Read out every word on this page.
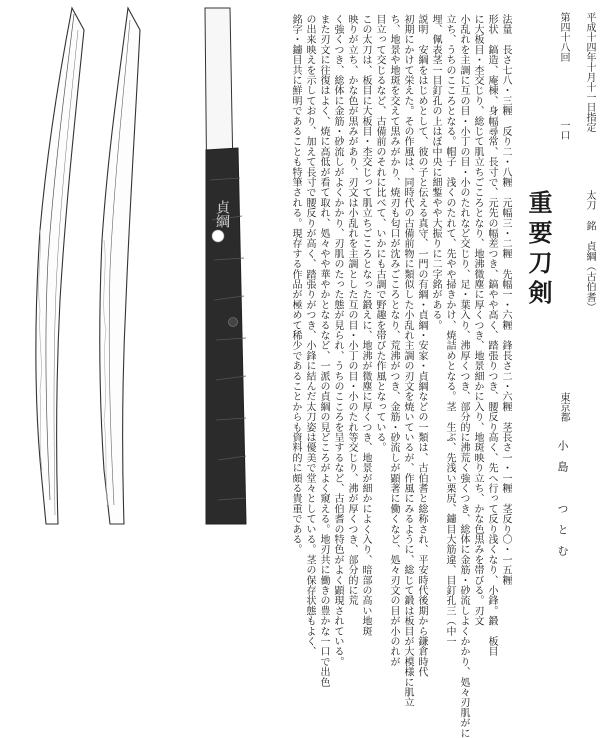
貞綱
平成十四年十月十一日指定
太刀　銘　貞綱（古伯耆）
第四十八回
一口
重要刀剣
東京都
小島　つとむ
法量　長さ七八・三糎　反り二・八糎　元幅三・二糎　先幅一・六糎　鋒長さ二・六糎　茎長さ一・一糎　茎反り〇・一五糎
形状　鎬造、庵棟、身幅尋常、長寸で、元先の幅差つき、鎬やや高く、踏張りつき、腰反り高く、先へ行って反り浅くなり、小鋒。鍛　板目
に大板目・杢交じり、総じて肌立ちごころとなり、地沸微塵に厚くつき、地景細かに入り、地斑映り立ち、かな色黒みを帯びる。刃文
小乱れを主調に互の目・小丁の目・小のたれなど交じり、足・葉入り、沸厚くつき、部分的に沸荒く強くつき、総体に金筋・砂流しよくかかり、処々刃肌がに
立ち、うちのこころとなる。帽子　浅くのたれて、先やや掃きかけ、焼詰めとなる。茎　生ぶ、先浅い栗尻、鑢目大筋違、目釘孔三（中一
埋、佩表茎一目釘孔の上はぼ中央に細鏨やや大振りに二字銘がある。
説明　安綱をはじめとして、彼の子と伝える真守、一門の有綱・貞綱・安家・貞綱などの一類は、古伯耆と総称され、平安時代後期から鎌倉時代
初期にかけて栄えた。その作風は、同時代の古備前物に類似した小乱れ主調の刃文を焼いているが、作風にみるように、総じて鍛は板目が大模様に肌立
ち、地景や地斑を交えて黒みがかり、焼刃も匂口が沈みごころとなり、荒沸がつき、金筋・砂流しが顕著に働くなど、処々刃文の目が小のれが
目立って交じるなど、古備前のそれに比べて、いかにも古調で野趣を帯びた作風となっている。
この太刀は、板目に大板目・杢交じって肌立ちごころとなった鍛えに、地沸が微塵に厚くつき、地景が細かによく入り、暗部の高い地斑
映りが立ち、かな色が黒みがあり、刃文は小乱れを主調とした互の目・小丁の目・小のたれ等交じり、沸が厚くつき、部分的に荒
く強くつき、総体に金筋・砂流しがよくかかり、刃肌のたった態が見られ、うちのこころを呈するなど、古伯耆の特色がよく顕現されている。
また刃文に往復はよく、焼に高低が看て取れ、処々やや華やかとなるなど、一派の貞綱の見どころがよく窺える。地刃共に働きの豊かな一口で出色
の出来映えを示しており、加えて長寸で腰反りが高く、踏張りがつき、小鋒に結んだ太刀姿は優美で堂々としている。茎の保存状態もよく、
銘字・鑢目共に鮮明であることも特筆される。現存する作品が極めて稀少であることからも資料的に頗る貴重である。
